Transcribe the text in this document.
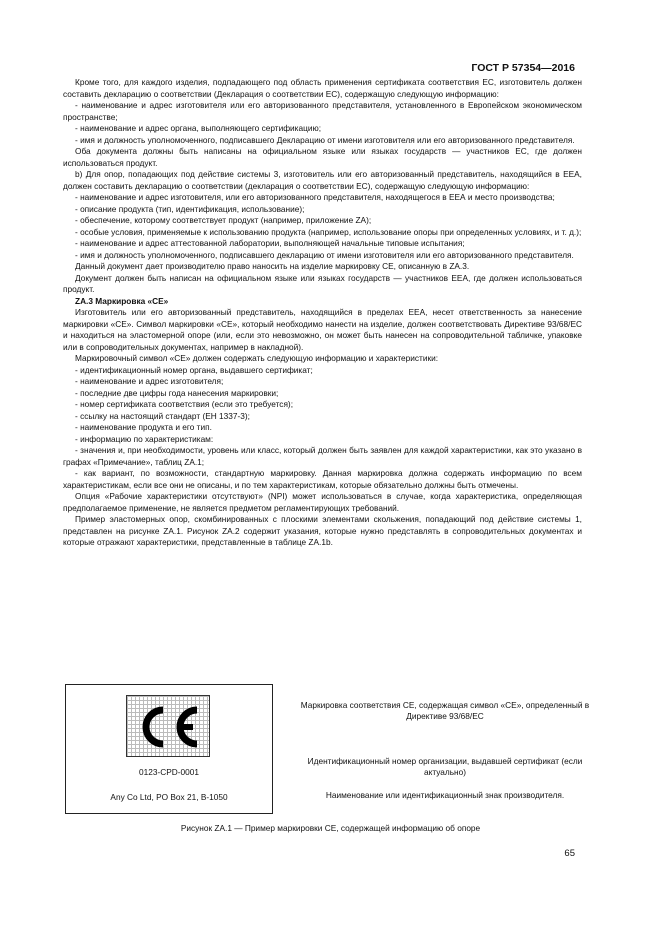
ГОСТ Р 57354—2016

Кроме того, для каждого изделия, подпадающего под область применения сертификата соответствия ЕС, изготовитель должен составить декларацию о соответствии (Декларация о соответствии ЕС), содержащую следующую информацию:

- наименование и адрес изготовителя или его авторизованного представителя, установленного в Европейском экономическом пространстве;

- наименование и адрес органа, выполняющего сертификацию;

- имя и должность уполномоченного, подписавшего Декларацию от имени изготовителя или его авторизованного представителя.

Оба документа должны быть написаны на официальном языке или языках государств — участников ЕС, где должен использоваться продукт.

b) Для опор, попадающих под действие системы 3, изготовитель или его авторизованный представитель, находящийся в ЕЕА, должен составить декларацию о соответствии (декларация о соответствии ЕС), содержащую следующую информацию:

- наименование и адрес изготовителя, или его авторизованного представителя, находящегося в ЕЕА и место производства;

- описание продукта (тип, идентификация, использование);

- обеспечение, которому соответствует продукт (например, приложение ZA);

- особые условия, применяемые к использованию продукта (например, использование опоры при определенных условиях, и т. д.);

- наименование и адрес аттестованной лаборатории, выполняющей начальные типовые испытания;

- имя и должность уполномоченного, подписавшего декларацию от имени изготовителя или его авторизованного представителя.

Данный документ дает производителю право наносить на изделие маркировку СЕ, описанную в ZA.3.

Документ должен быть написан на официальном языке или языках государств — участников ЕЕА, где должен использоваться продукт.

ZA.3 Маркировка «СЕ»

Изготовитель или его авторизованный представитель, находящийся в пределах ЕЕА, несет ответственность за нанесение маркировки «СЕ». Символ маркировки «СЕ», который необходимо нанести на изделие, должен соответствовать Директиве 93/68/ЕС и находиться на эластомерной опоре (или, если это невозможно, он может быть нанесен на сопроводительной табличке, упаковке или в сопроводительных документах, например в накладной).

Маркировочный символ «СЕ» должен содержать следующую информацию и характеристики:

- идентификационный номер органа, выдавшего сертификат;

- наименование и адрес изготовителя;

- последние две цифры года нанесения маркировки;

- номер сертификата соответствия (если это требуется);

- ссылку на настоящий стандарт (ЕН 1337-3);

- наименование продукта и его тип.

- информацию по характеристикам:

- значения и, при необходимости, уровень или класс, который должен быть заявлен для каждой характеристики, как это указано в графах «Примечание», таблиц ZA.1;

- как вариант, по возможности, стандартную маркировку. Данная маркировка должна содержать информацию по всем характеристикам, если все они не описаны, и по тем характеристикам, которые обязательно должны быть отмечены.

Опция «Рабочие характеристики отсутствуют» (NPI) может использоваться в случае, когда характеристика, определяющая предполагаемое применение, не является предметом регламентирующих требований.

Пример эластомерных опор, скомбинированных с плоскими элементами скольжения, попадающий под действие системы 1, представлен на рисунке ZA.1. Рисунок ZA.2 содержит указания, которые нужно представлять в сопроводительных документах и которые отражают характеристики, представленные в таблице ZA.1b.

0123-CPD-0001
Any Co Ltd, PO Box 21, B-1050
Маркировка соответствия СЕ, содержащая символ «СЕ», определенный в Директиве 93/68/ЕС
Идентификационный номер организации, выдавшей сертификат (если актуально)
Наименование или идентификационный знак производителя.
Рисунок ZA.1 — Пример маркировки СЕ, содержащей информацию об опоре
65
